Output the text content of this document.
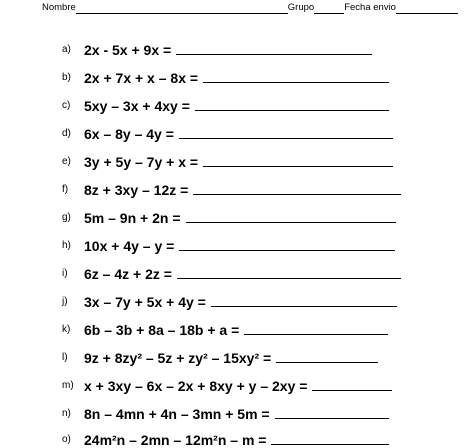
Nombre	Grupo	Fecha envio
a) 2x - 5x + 9x =
b) 2x + 7x + x – 8x =
c) 5xy – 3x + 4xy =
d) 6x – 8y – 4y =
e) 3y + 5y – 7y + x =
f)	8z + 3xy – 12z =
g) 5m – 9n + 2n =
h) 10x + 4y – y =
i)	6z – 4z + 2z =
j)	3x – 7y + 5x + 4y =
k) 6b – 3b + 8a – 18b + a =
l)	9z + 8zy² – 5z + zy² – 15xy² =
m) x + 3xy – 6x – 2x + 8xy + y – 2xy =
n) 8n – 4mn + 4n – 3mn + 5m =
o) 24m²n – 2mn – 12m²n – m =
